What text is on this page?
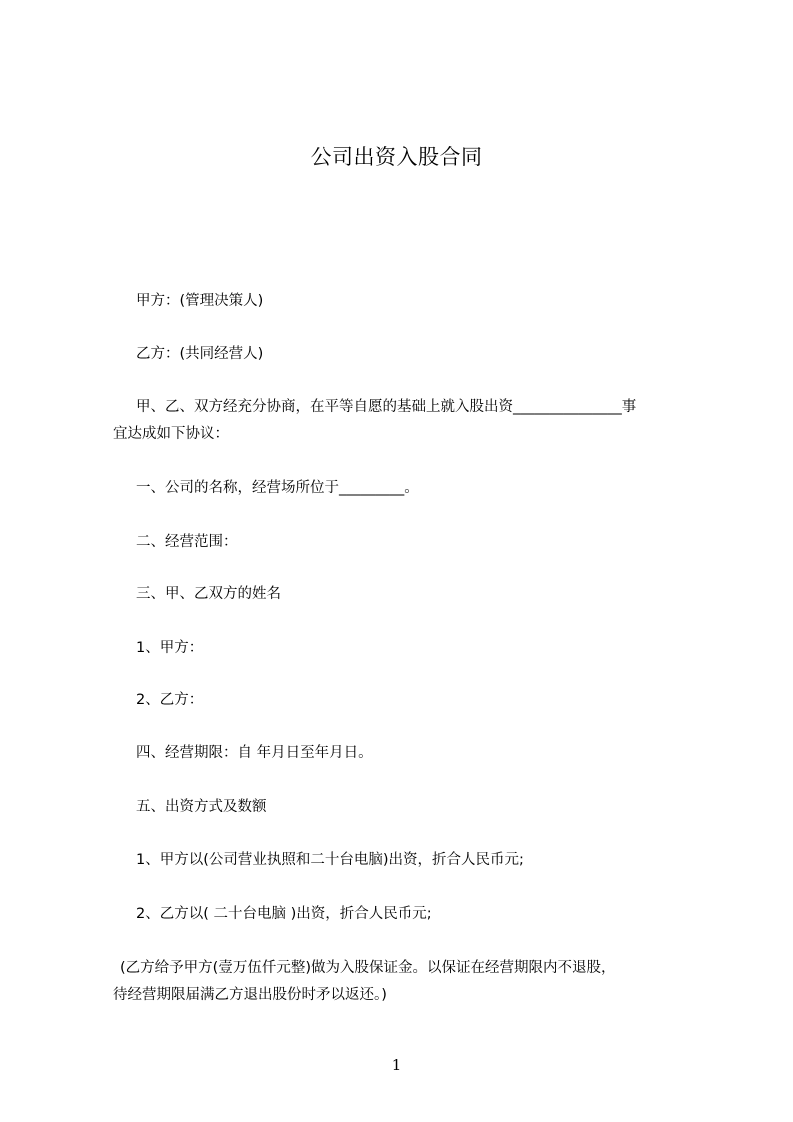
公司出资入股合同
甲方：(管理决策人)
乙方：(共同经营人)
甲、乙、双方经充分协商，在平等自愿的基础上就入股出资_______________事
宜达成如下协议：
一、公司的名称，经营场所位于_________。
二、经营范围：
三、甲、乙双方的姓名
1、甲方：
2、乙方：
四、经营期限：自 年月日至年月日。
五、出资方式及数额
1、甲方以(公司营业执照和二十台电脑)出资，折合人民币元;
2、乙方以( 二十台电脑 )出资，折合人民币元;
(乙方给予甲方(壹万伍仟元整)做为入股保证金。以保证在经营期限内不退股，
待经营期限届满乙方退出股份时矛以返还。)
1
